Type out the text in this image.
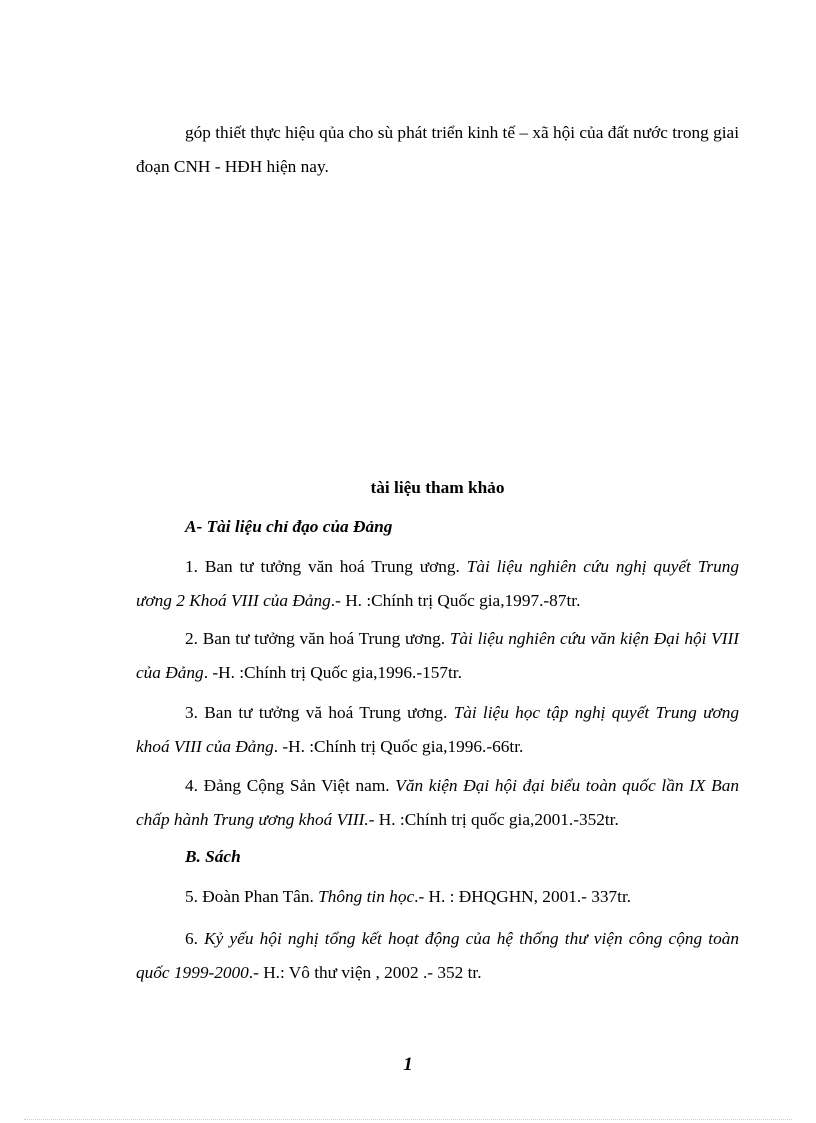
góp thiết thực hiệu qủa cho sù phát triển kinh tế – xã hội của đất nước trong giai đoạn CNH - HĐH hiện nay.

tài liệu tham khảo
A- Tài liệu chỉ đạo của Đảng

1. Ban tư tưởng văn hoá Trung ương. Tài liệu nghiên cứu nghị quyết Trung ương 2 Khoá VIII của Đảng.- H. :Chính trị Quốc gia,1997.-87tr.

2. Ban tư tưởng văn hoá Trung ương. Tài liệu nghiên cứu văn kiện Đại hội VIII của Đảng. -H. :Chính trị Quốc gia,1996.-157tr.

3. Ban tư tưởng vă hoá Trung ương. Tài liệu học tập nghị quyết Trung ương khoá VIII của Đảng. -H. :Chính trị Quốc gia,1996.-66tr.

4. Đảng Cộng Sản Việt nam. Văn kiện Đại hội đại biểu toàn quốc lần IX Ban chấp hành Trung ương khoá VIII.- H. :Chính trị quốc gia,2001.-352tr.

B. Sách

5. Đoàn Phan Tân. Thông tin học.- H. : ĐHQGHN, 2001.- 337tr.

6. Kỷ yếu hội nghị tổng kết hoạt động của hệ thống thư viện công cộng toàn quốc 1999-2000.- H.: Vô thư viện , 2002 .- 352 tr.

1
